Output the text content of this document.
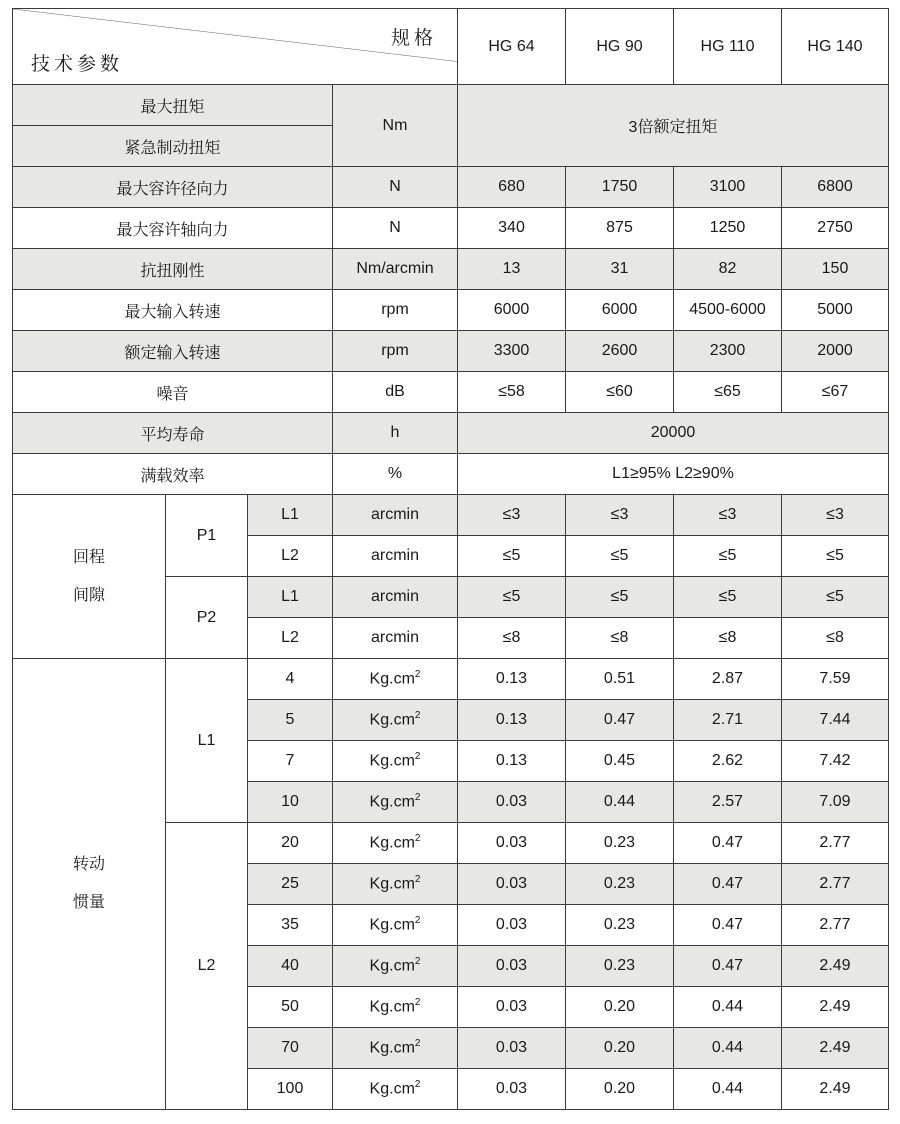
规格
技术参数				HG 64	HG 90	HG 110	HG 140
最大扭矩			Nm	3倍额定扭矩			
紧急制动扭矩							
最大容许径向力			N	680	1750	3100	6800
最大容许轴向力			N	340	875	1250	2750
抗扭刚性			Nm/arcmin	13	31	82	150
最大输入转速			rpm	6000	6000	4500-6000	5000
额定输入转速			rpm	3300	2600	2300	2000
噪音			dB	≤58	≤60	≤65	≤67
平均寿命			h	20000			
满载效率			%	L1≥95% L2≥90%			
回程
间隙	P1	L1	arcmin	≤3	≤3	≤3	≤3
		L2	arcmin	≤5	≤5	≤5	≤5
	P2	L1	arcmin	≤5	≤5	≤5	≤5
		L2	arcmin	≤8	≤8	≤8	≤8
转动
惯量	L1	4	$Kg.cm^2$	0.13	0.51	2.87	7.59
		5	$Kg.cm^2$	0.13	0.47	2.71	7.44
		7	$Kg.cm^2$	0.13	0.45	2.62	7.42
		10	$Kg.cm^2$	0.03	0.44	2.57	7.09
	L2	20	$Kg.cm^2$	0.03	0.23	0.47	2.77
		25	$Kg.cm^2$	0.03	0.23	0.47	2.77
		35	$Kg.cm^2$	0.03	0.23	0.47	2.77
		40	$Kg.cm^2$	0.03	0.23	0.47	2.49
		50	$Kg.cm^2$	0.03	0.20	0.44	2.49
		70	$Kg.cm^2$	0.03	0.20	0.44	2.49
		100	$Kg.cm^2$	0.03	0.20	0.44	2.49
